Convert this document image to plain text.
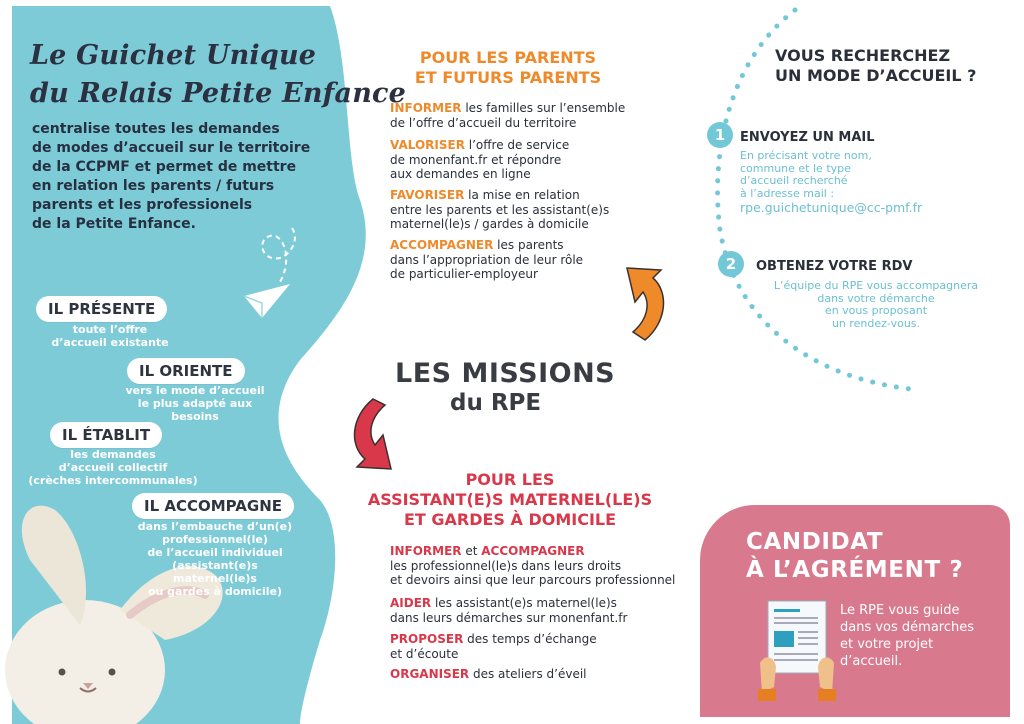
Le Guichet Unique
du Relais Petite Enfance
centralise toutes les demandes
de modes d’accueil sur le territoire
de la CCPMF et permet de mettre
en relation les parents / futurs
parents et les professionels
de la Petite Enfance.
IL PRÉSENTE
toute l’offre
d’accueil existante
IL ORIENTE
vers le mode d’accueil
le plus adapté aux besoins
IL ÉTABLIT
les demandes
d’accueil collectif
(crèches intercommunales)
IL ACCOMPAGNE
dans l’embauche d’un(e)
professionnel(le)
de l’accueil individuel
(assistant(e)s maternel(le)s
ou gardes à domicile)
POUR LES PARENTS
ET FUTURS PARENTS
INFORMER les familles sur l’ensemble
de l’offre d’accueil du territoire
VALORISER l’offre de service
de monenfant.fr et répondre
aux demandes en ligne
FAVORISER la mise en relation
entre les parents et les assistant(e)s
maternel(le)s / gardes à domicile
ACCOMPAGNER les parents
dans l’appropriation de leur rôle
de particulier-employeur
LES MISSIONS
du RPE
POUR LES
ASSISTANT(E)S MATERNEL(LE)S
ET GARDES À DOMICILE
INFORMER et ACCOMPAGNER
les professionnel(le)s dans leurs droits
et devoirs ainsi que leur parcours professionnel
AIDER les assistant(e)s maternel(le)s
dans leurs démarches sur monenfant.fr
PROPOSER des temps d’échange
et d’écoute
ORGANISER des ateliers d’éveil
VOUS RECHERCHEZ
UN MODE D’ACCUEIL ?
1	ENVOYEZ UN MAIL
En précisant votre nom,
commune et le type
d’accueil recherché
à l’adresse mail :
rpe.guichetunique@cc-pmf.fr
2	OBTENEZ VOTRE RDV
L’équipe du RPE vous accompagnera
dans votre démarche
en vous proposant
un rendez-vous.
CANDIDAT
À L’AGRÉMENT ?
Le RPE vous guide
dans vos démarches
et votre projet
d’accueil.
